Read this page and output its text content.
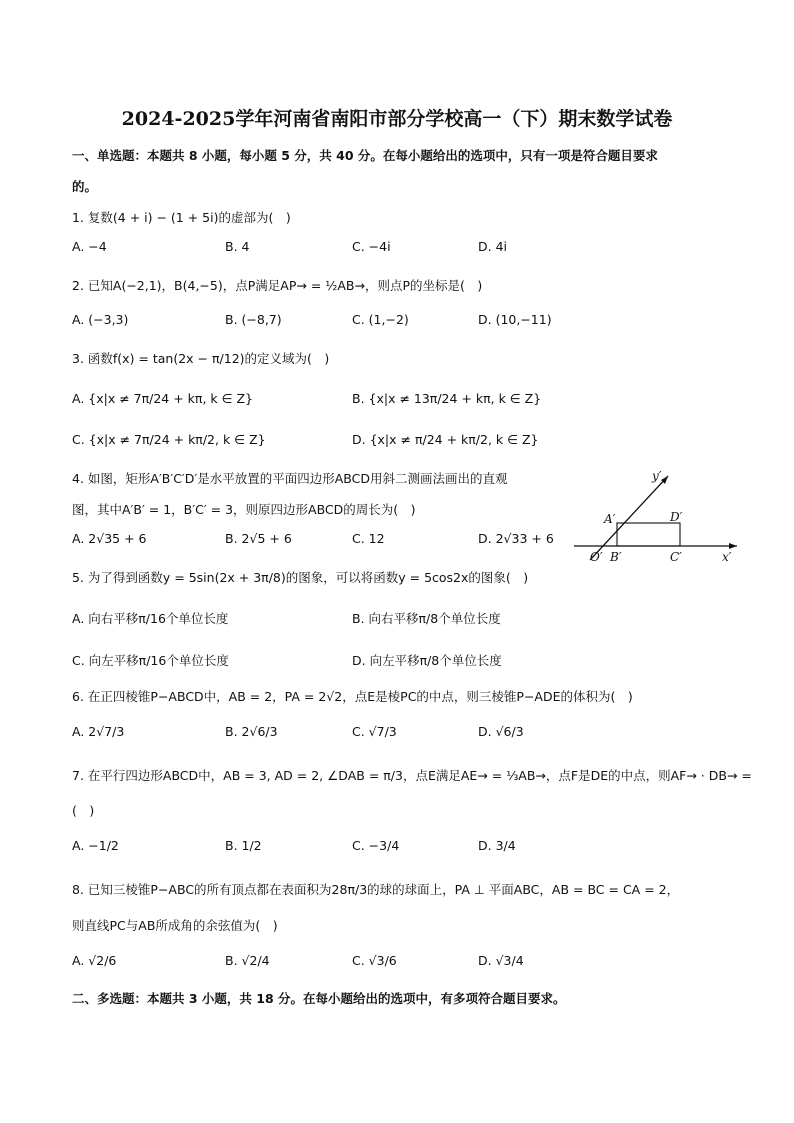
2024-2025学年河南省南阳市部分学校高一（下）期末数学试卷
一、单选题：本题共 8 小题，每小题 5 分，共 40 分。在每小题给出的选项中，只有一项是符合题目要求
的。
1. 复数(4 + i) − (1 + 5i)的虚部为(　)
A. −4	B. 4	C. −4i	D. 4i
2. 已知A(−2,1)，B(4,−5)，点P满足AP→ = ½AB→，则点P的坐标是(　)
A. (−3,3)	B. (−8,7)	C. (1,−2)	D. (10,−11)
3. 函数f(x) = tan(2x − π/12)的定义域为(　)
A. {x|x ≠ 7π/24 + kπ, k ∈ Z}	B. {x|x ≠ 13π/24 + kπ, k ∈ Z}
C. {x|x ≠ 7π/24 + kπ/2, k ∈ Z}	D. {x|x ≠ π/24 + kπ/2, k ∈ Z}
4. 如图，矩形A′B′C′D′是水平放置的平面四边形ABCD用斜二测画法画出的直观
图，其中A′B′ = 1，B′C′ = 3，则原四边形ABCD的周长为(　)
A. 2√35 + 6	B. 2√5 + 6	C. 12	D. 2√33 + 6
y′
A′	D′
O′ B′	C′	x′
5. 为了得到函数y = 5sin(2x + 3π/8)的图象，可以将函数y = 5cos2x的图象(　)
A. 向右平移π/16个单位长度	B. 向右平移π/8个单位长度
C. 向左平移π/16个单位长度	D. 向左平移π/8个单位长度
6. 在正四棱锥P−ABCD中，AB = 2，PA = 2√2，点E是棱PC的中点，则三棱锥P−ADE的体积为(　)
A. 2√7/3	B. 2√6/3	C. √7/3	D. √6/3
7. 在平行四边形ABCD中，AB = 3, AD = 2, ∠DAB = π/3，点E满足AE→ = ⅓AB→，点F是DE的中点，则AF→ · DB→ =
(　)
A. −1/2	B. 1/2	C. −3/4	D. 3/4
8. 已知三棱锥P−ABC的所有顶点都在表面积为28π/3的球的球面上，PA ⊥ 平面ABC，AB = BC = CA = 2，
则直线PC与AB所成角的余弦值为(　)
A. √2/6	B. √2/4	C. √3/6	D. √3/4
二、多选题：本题共 3 小题，共 18 分。在每小题给出的选项中，有多项符合题目要求。
